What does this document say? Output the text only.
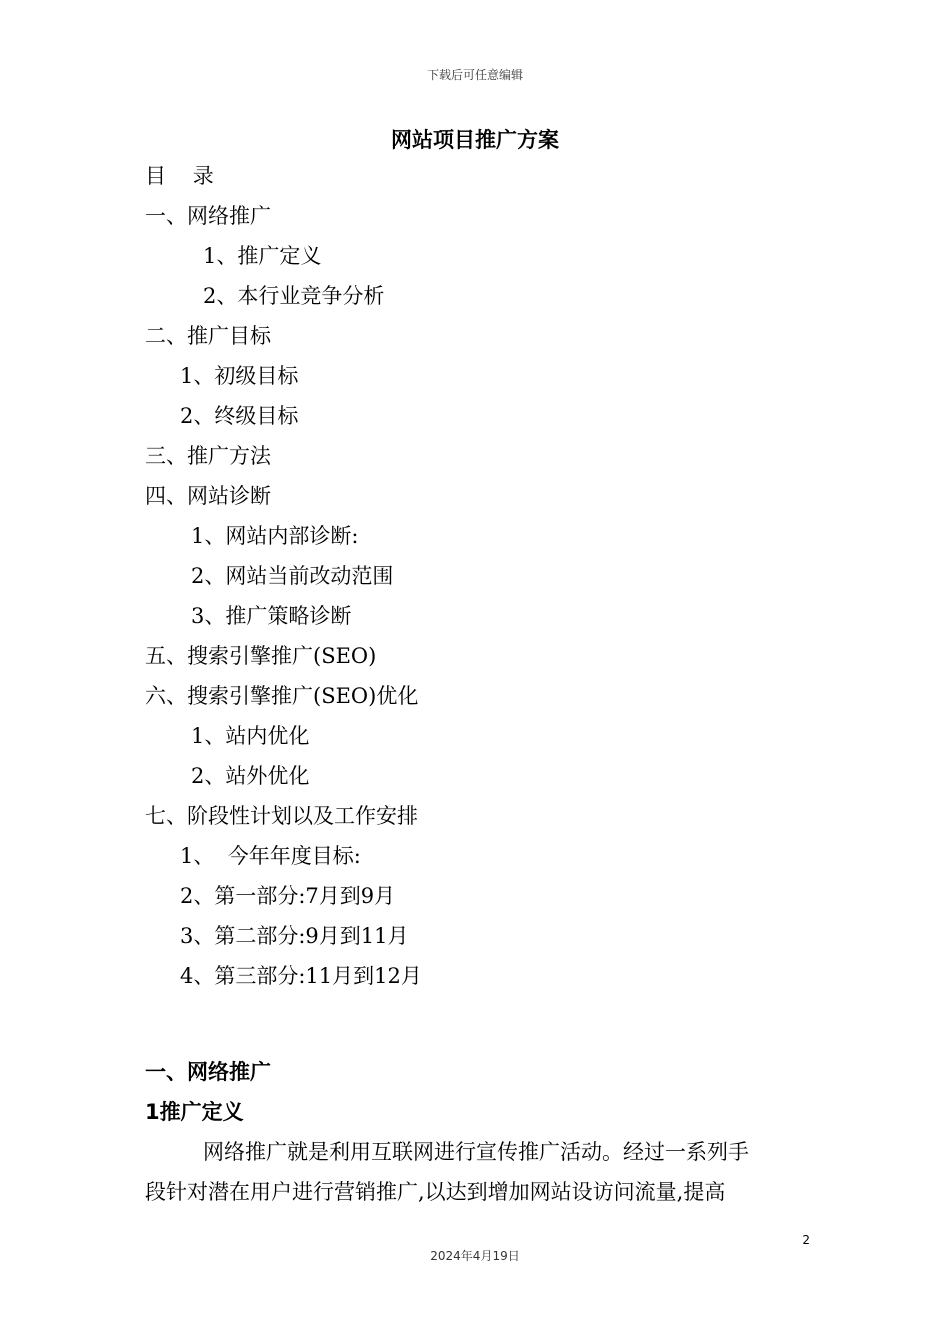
下载后可任意编辑
网站项目推广方案
目    录
一、网络推广
1、推广定义
2、本行业竞争分析
二、推广目标
1、初级目标
2、终级目标
三、推广方法
四、网站诊断
1、网站内部诊断:
2、网站当前改动范围
3、推广策略诊断
五、搜索引擎推广(SEO)
六、搜索引擎推广(SEO)优化
1、站内优化
2、站外优化
七、阶段性计划以及工作安排
1、  今年年度目标:
2、第一部分:7月到9月
3、第二部分:9月到11月
4、第三部分:11月到12月
一、网络推广
1推广定义
网络推广就是利用互联网进行宣传推广活动。经过一系列手
段针对潜在用户进行营销推广,以达到增加网站设访问流量,提高
2
2024年4月19日
